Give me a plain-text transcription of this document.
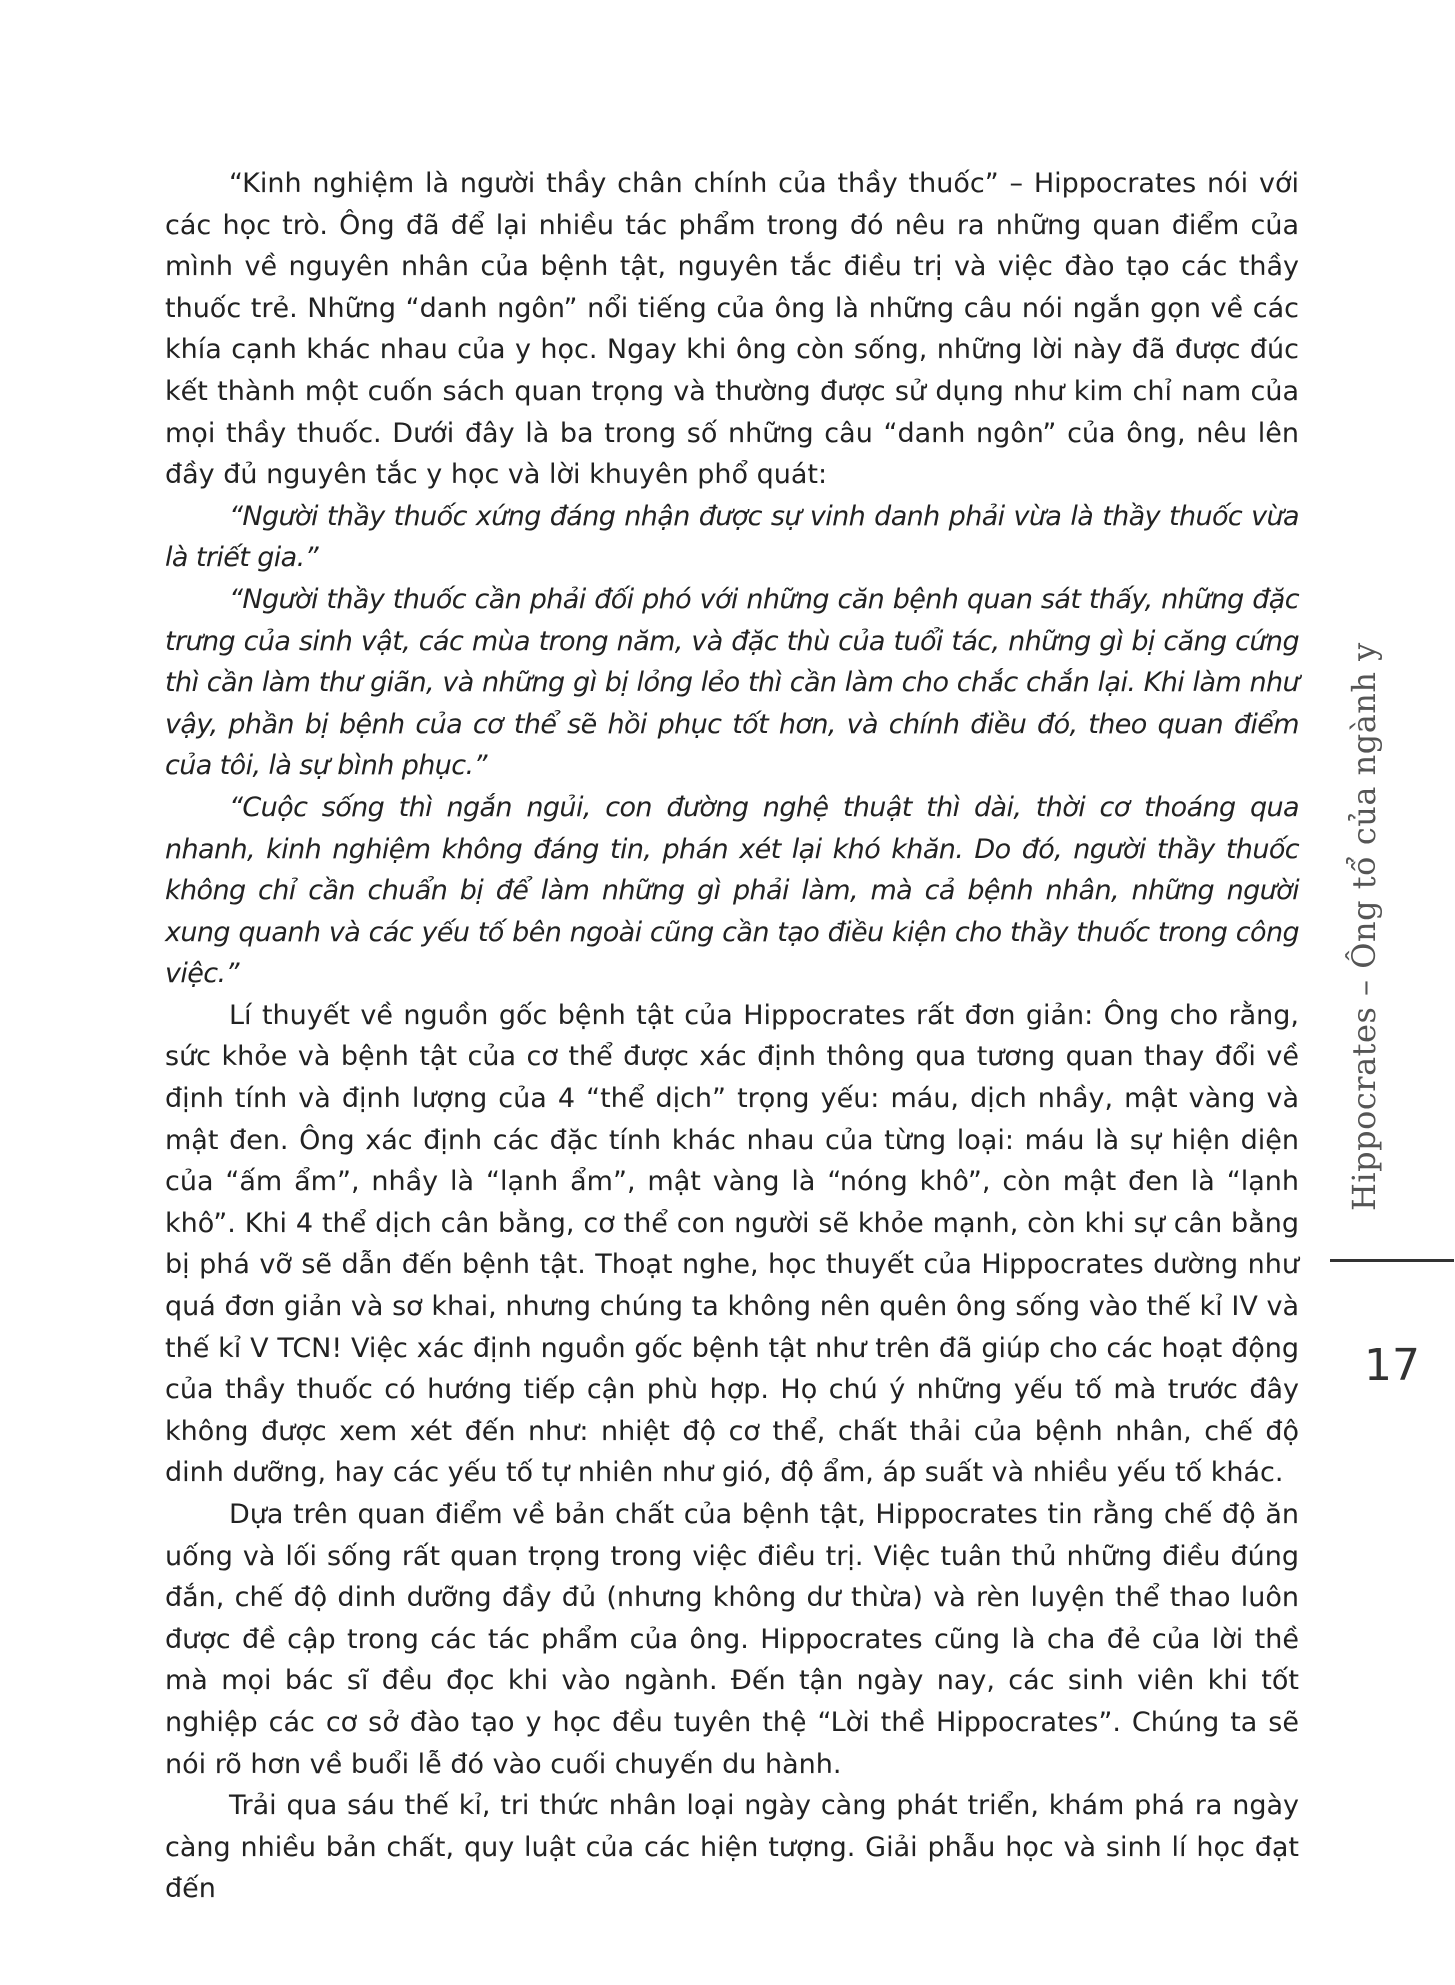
“Kinh nghiệm là người thầy chân chính của thầy thuốc” – Hippocrates nói với các học trò. Ông đã để lại nhiều tác phẩm trong đó nêu ra những quan điểm của mình về nguyên nhân của bệnh tật, nguyên tắc điều trị và việc đào tạo các thầy thuốc trẻ. Những “danh ngôn” nổi tiếng của ông là những câu nói ngắn gọn về các khía cạnh khác nhau của y học. Ngay khi ông còn sống, những lời này đã được đúc kết thành một cuốn sách quan trọng và thường được sử dụng như kim chỉ nam của mọi thầy thuốc. Dưới đây là ba trong số những câu “danh ngôn” của ông, nêu lên đầy đủ nguyên tắc y học và lời khuyên phổ quát:

“Người thầy thuốc xứng đáng nhận được sự vinh danh phải vừa là thầy thuốc vừa là triết gia.”

“Người thầy thuốc cần phải đối phó với những căn bệnh quan sát thấy, những đặc trưng của sinh vật, các mùa trong năm, và đặc thù của tuổi tác, những gì bị căng cứng thì cần làm thư giãn, và những gì bị lỏng lẻo thì cần làm cho chắc chắn lại. Khi làm như vậy, phần bị bệnh của cơ thể sẽ hồi phục tốt hơn, và chính điều đó, theo quan điểm của tôi, là sự bình phục.”

“Cuộc sống thì ngắn ngủi, con đường nghệ thuật thì dài, thời cơ thoáng qua nhanh, kinh nghiệm không đáng tin, phán xét lại khó khăn. Do đó, người thầy thuốc không chỉ cần chuẩn bị để làm những gì phải làm, mà cả bệnh nhân, những người xung quanh và các yếu tố bên ngoài cũng cần tạo điều kiện cho thầy thuốc trong công việc.”

Lí thuyết về nguồn gốc bệnh tật của Hippocrates rất đơn giản: Ông cho rằng, sức khỏe và bệnh tật của cơ thể được xác định thông qua tương quan thay đổi về định tính và định lượng của 4 “thể dịch” trọng yếu: máu, dịch nhầy, mật vàng và mật đen. Ông xác định các đặc tính khác nhau của từng loại: máu là sự hiện diện của “ấm ẩm”, nhầy là “lạnh ẩm”, mật vàng là “nóng khô”, còn mật đen là “lạnh khô”. Khi 4 thể dịch cân bằng, cơ thể con người sẽ khỏe mạnh, còn khi sự cân bằng bị phá vỡ sẽ dẫn đến bệnh tật. Thoạt nghe, học thuyết của Hippocrates dường như quá đơn giản và sơ khai, nhưng chúng ta không nên quên ông sống vào thế kỉ IV và thế kỉ V TCN! Việc xác định nguồn gốc bệnh tật như trên đã giúp cho các hoạt động của thầy thuốc có hướng tiếp cận phù hợp. Họ chú ý những yếu tố mà trước đây không được xem xét đến như: nhiệt độ cơ thể, chất thải của bệnh nhân, chế độ dinh dưỡng, hay các yếu tố tự nhiên như gió, độ ẩm, áp suất và nhiều yếu tố khác.

Dựa trên quan điểm về bản chất của bệnh tật, Hippocrates tin rằng chế độ ăn uống và lối sống rất quan trọng trong việc điều trị. Việc tuân thủ những điều đúng đắn, chế độ dinh dưỡng đầy đủ (nhưng không dư thừa) và rèn luyện thể thao luôn được đề cập trong các tác phẩm của ông. Hippocrates cũng là cha đẻ của lời thề mà mọi bác sĩ đều đọc khi vào ngành. Đến tận ngày nay, các sinh viên khi tốt nghiệp các cơ sở đào tạo y học đều tuyên thệ “Lời thề Hippocrates”. Chúng ta sẽ nói rõ hơn về buổi lễ đó vào cuối chuyến du hành.

Trải qua sáu thế kỉ, tri thức nhân loại ngày càng phát triển, khám phá ra ngày càng nhiều bản chất, quy luật của các hiện tượng. Giải phẫu học và sinh lí học đạt đến

Hippocrates – Ông tổ của ngành y
17
